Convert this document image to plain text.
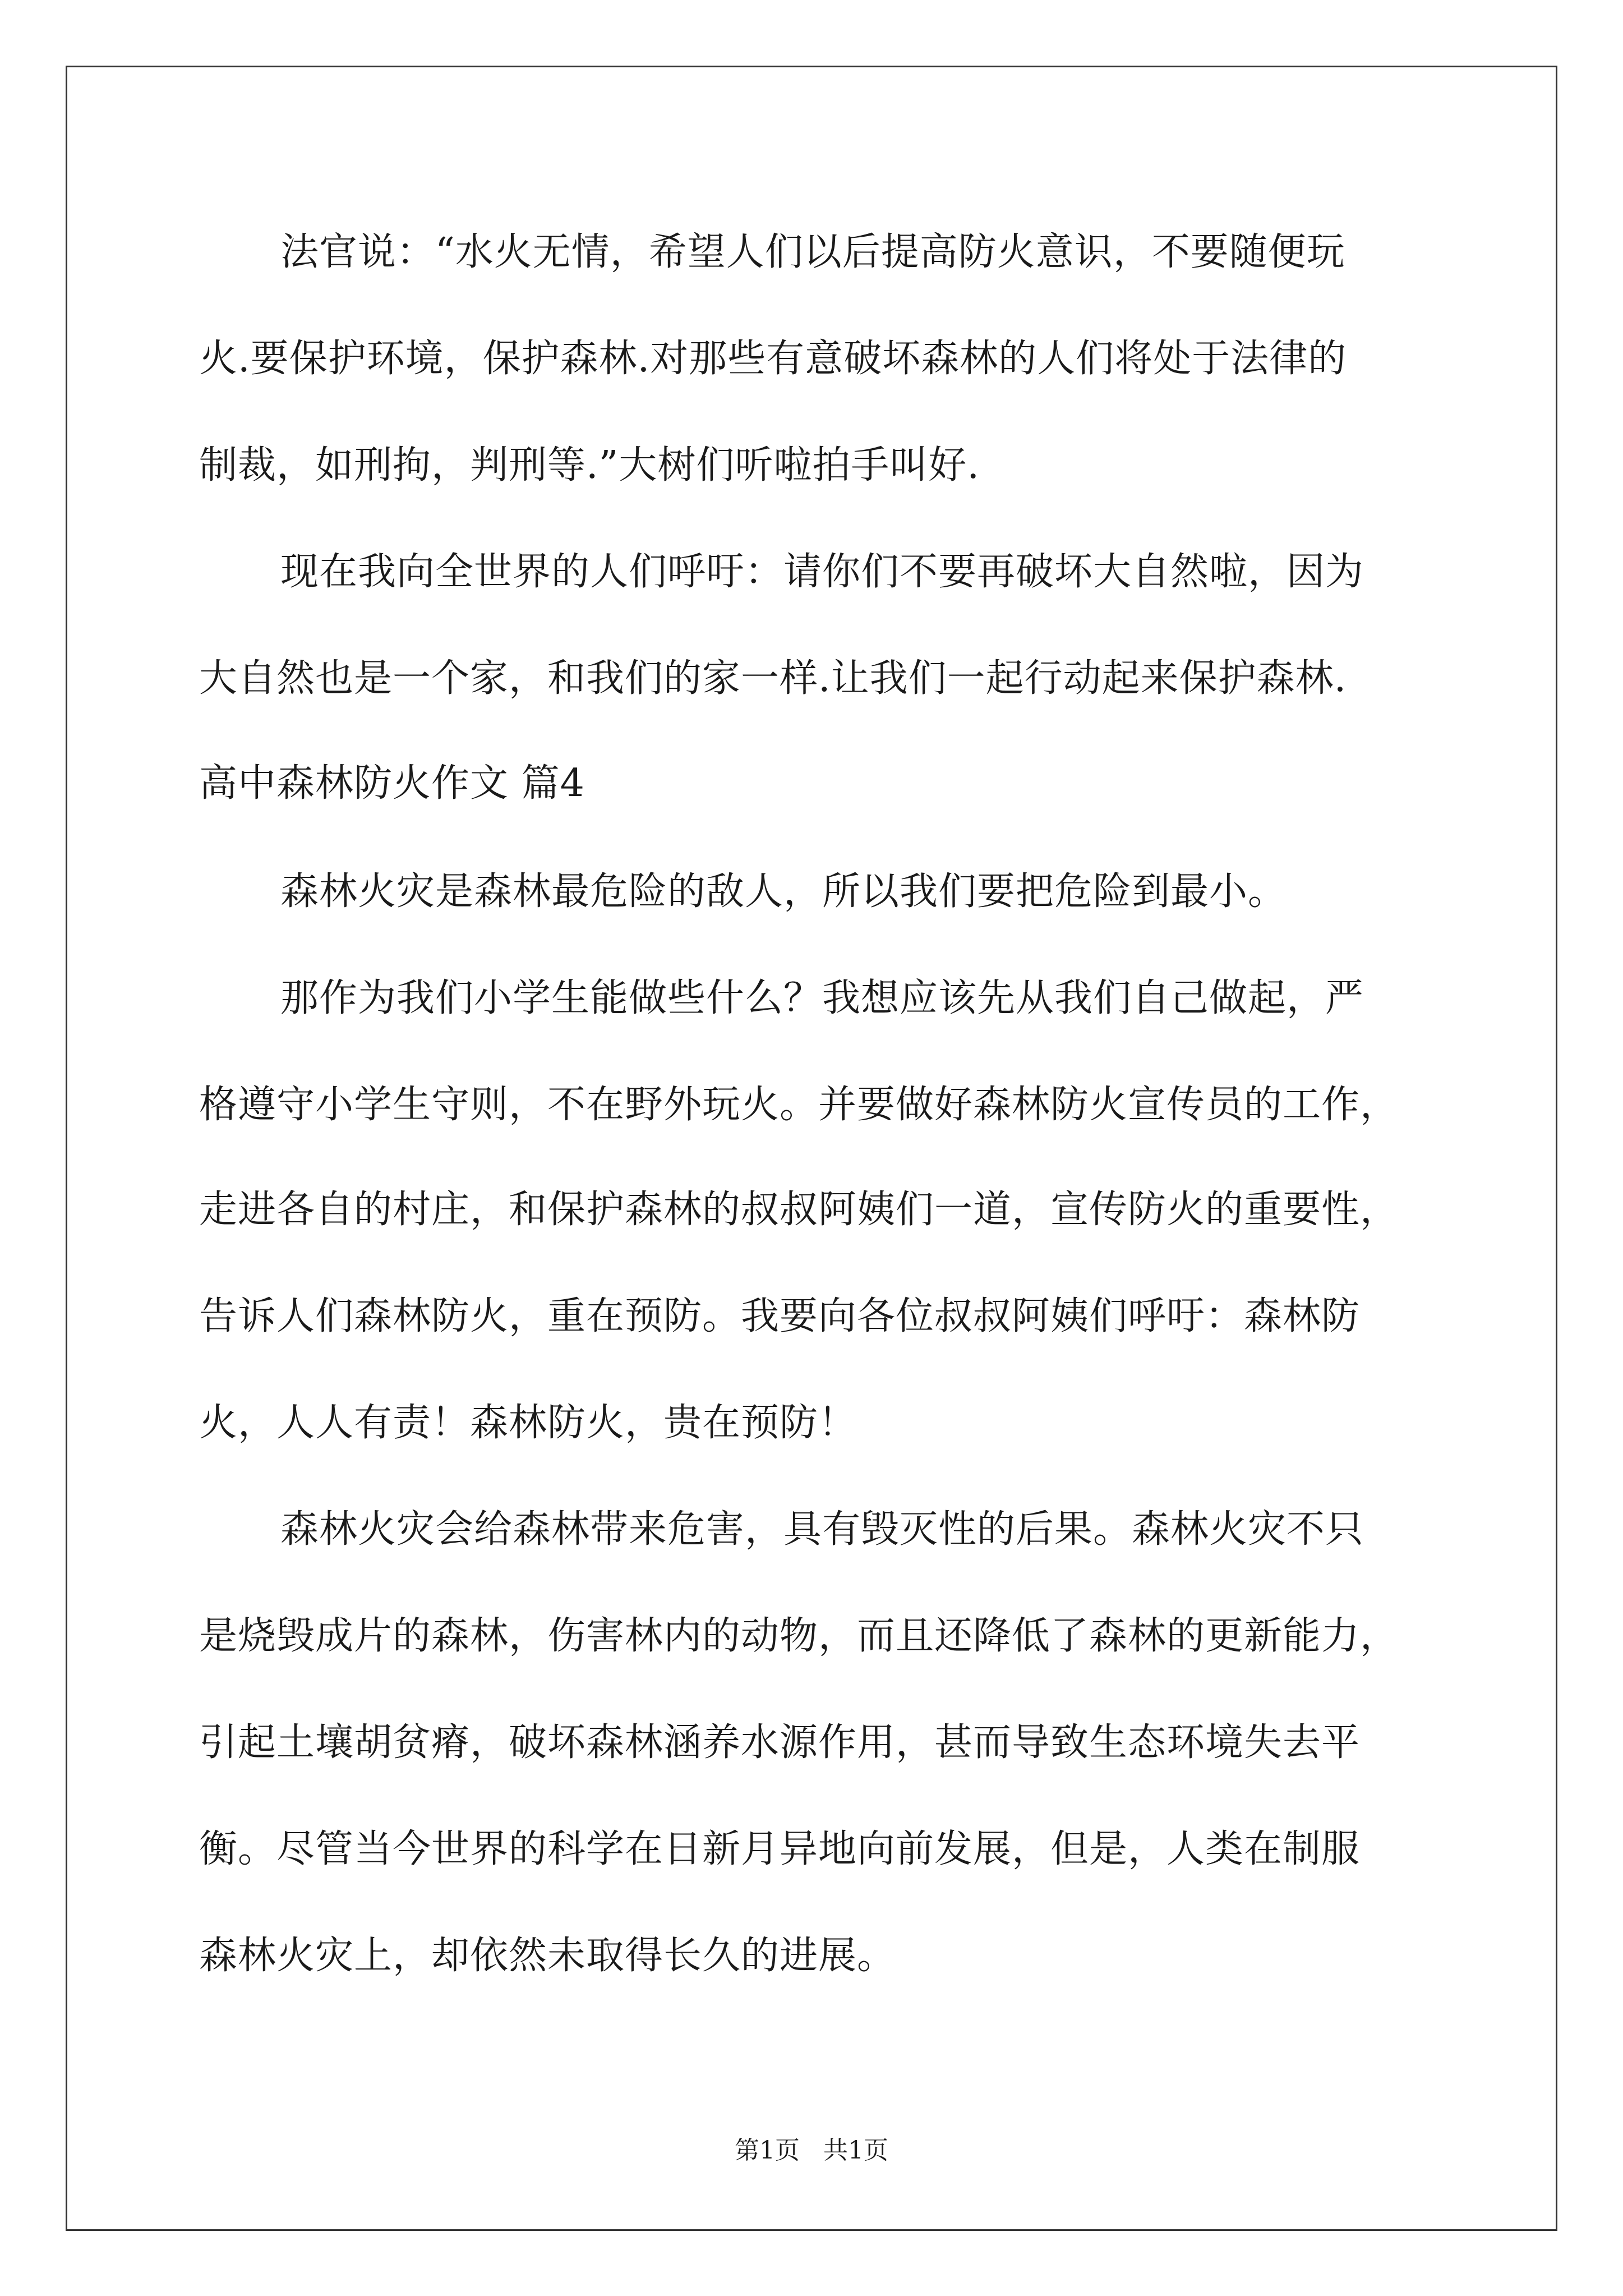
法官说：“水火无情，希望人们以后提高防火意识，不要随便玩
火.要保护环境，保护森林.对那些有意破坏森林的人们将处于法律的
制裁，如刑拘，判刑等.”大树们听啦拍手叫好.
现在我向全世界的人们呼吁：请你们不要再破坏大自然啦，因为
大自然也是一个家，和我们的家一样.让我们一起行动起来保护森林.
高中森林防火作文 篇4
森林火灾是森林最危险的敌人，所以我们要把危险到最小。
那作为我们小学生能做些什么？我想应该先从我们自己做起，严
格遵守小学生守则，不在野外玩火。并要做好森林防火宣传员的工作，
走进各自的村庄，和保护森林的叔叔阿姨们一道，宣传防火的重要性，
告诉人们森林防火，重在预防。我要向各位叔叔阿姨们呼吁：森林防
火，人人有责！森林防火，贵在预防！
森林火灾会给森林带来危害，具有毁灭性的后果。森林火灾不只
是烧毁成片的森林，伤害林内的动物，而且还降低了森林的更新能力，
引起土壤胡贫瘠，破坏森林涵养水源作用，甚而导致生态环境失去平
衡。尽管当今世界的科学在日新月异地向前发展，但是，人类在制服
森林火灾上，却依然未取得长久的进展。
第1页   共1页
